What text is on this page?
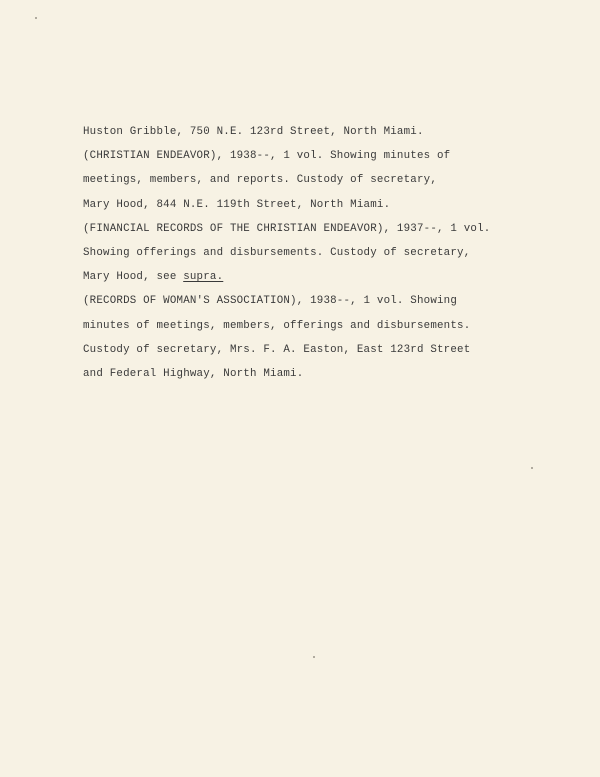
Huston Gribble, 750 N.E. 123rd Street, North Miami.
(CHRISTIAN ENDEAVOR), 1938--, 1 vol. Showing minutes of
meetings, members, and reports. Custody of secretary,
Mary Hood, 844 N.E. 119th Street, North Miami.
(FINANCIAL RECORDS OF THE CHRISTIAN ENDEAVOR), 1937--, 1 vol.
Showing offerings and disbursements. Custody of secretary,
Mary Hood, see supra.
(RECORDS OF WOMAN'S ASSOCIATION), 1938--, 1 vol. Showing
minutes of meetings, members, offerings and disbursements.
Custody of secretary, Mrs. F. A. Easton, East 123rd Street
and Federal Highway, North Miami.
